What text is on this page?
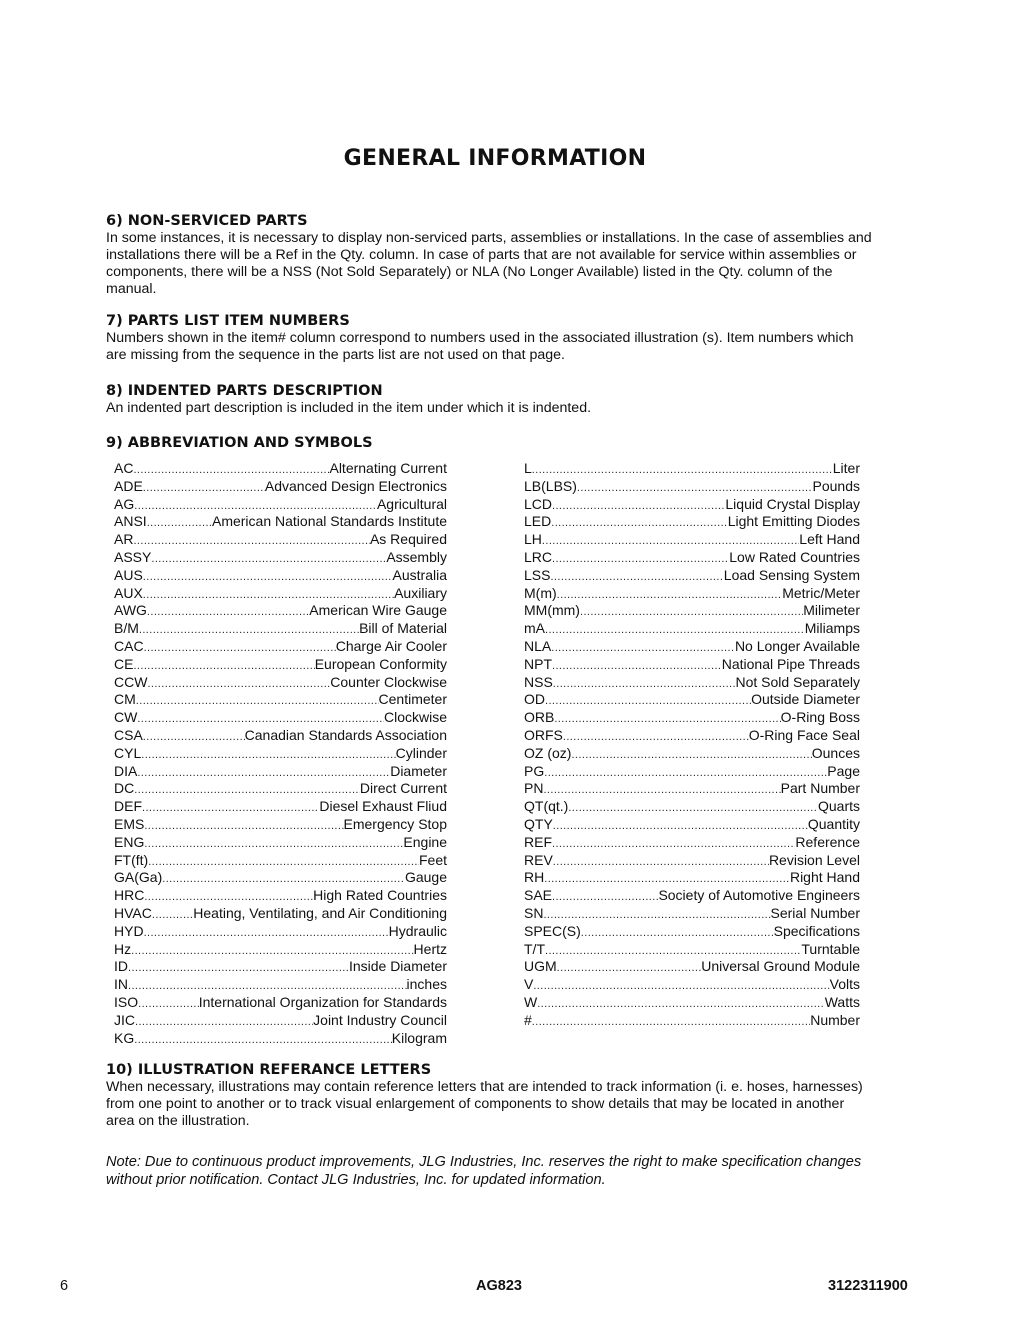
GENERAL INFORMATION
6) NON-SERVICED PARTS
In some instances, it is necessary to display non-serviced parts, assemblies or installations. In the case of assemblies and installations there will be a Ref in the Qty. column. In case of parts that are not available for service within assemblies or components, there will be a NSS (Not Sold Separately) or NLA (No Longer Available) listed in the Qty. column of the manual.
7) PARTS LIST ITEM NUMBERS
Numbers shown in the item# column correspond to numbers used in the associated illustration (s). Item numbers which are missing from the sequence in the parts list are not used on that page.
8) INDENTED PARTS DESCRIPTION
An indented part description is included in the item under which it is indented.
9) ABBREVIATION AND SYMBOLS
AC .....	Alternating Current
ADE .....	Advanced Design Electronics
AG .....	Agricultural
ANSI .....	American National Standards Institute
AR .....	As Required
ASSY .....	Assembly
AUS .....	Australia
AUX .....	Auxiliary
AWG .....	American Wire Gauge
B/M .....	Bill of Material
CAC .....	Charge Air Cooler
CE .....	European Conformity
CCW .....	Counter Clockwise
CM .....	Centimeter
CW .....	Clockwise
CSA .....	Canadian Standards Association
CYL .....	Cylinder
DIA .....	Diameter
DC .....	Direct Current
DEF .....	Diesel Exhaust Fliud
EMS .....	Emergency Stop
ENG .....	Engine
FT(ft) .....	Feet
GA(Ga) .....	Gauge
HRC .....	High Rated Countries
HVAC .....	Heating, Ventilating, and Air Conditioning
HYD .....	Hydraulic
Hz .....	Hertz
ID .....	Inside Diameter
IN .....	inches
ISO .....	International Organization for Standards
JIC .....	Joint Industry Council
KG .....	Kilogram
L .....	Liter
LB(LBS) .....	Pounds
LCD .....	Liquid Crystal Display
LED .....	Light Emitting Diodes
LH .....	Left Hand
LRC .....	Low Rated Countries
LSS .....	Load Sensing System
M(m) .....	Metric/Meter
MM(mm) .....	Milimeter
mA .....	Miliamps
NLA .....	No Longer Available
NPT .....	National Pipe Threads
NSS .....	Not Sold Separately
OD .....	Outside Diameter
ORB .....	O-Ring Boss
ORFS .....	O-Ring Face Seal
OZ (oz) .....	Ounces
PG .....	Page
PN .....	Part Number
QT(qt.) .....	Quarts
QTY .....	Quantity
REF .....	Reference
REV .....	Revision Level
RH .....	Right Hand
SAE .....	Society of Automotive Engineers
SN .....	Serial Number
SPEC(S) .....	Specifications
T/T .....	Turntable
UGM .....	Universal Ground Module
V .....	Volts
W .....	Watts
# .....	Number
10) ILLUSTRATION REFERANCE LETTERS
When necessary, illustrations may contain reference letters that are intended to track information (i. e. hoses, harnesses) from one point to another or to track visual enlargement of components to show details that may be located in another area on the illustration.
Note: Due to continuous product improvements, JLG Industries, Inc. reserves the right to make specification changes without prior notification. Contact JLG Industries, Inc. for updated information.
6	AG823	3122311900
